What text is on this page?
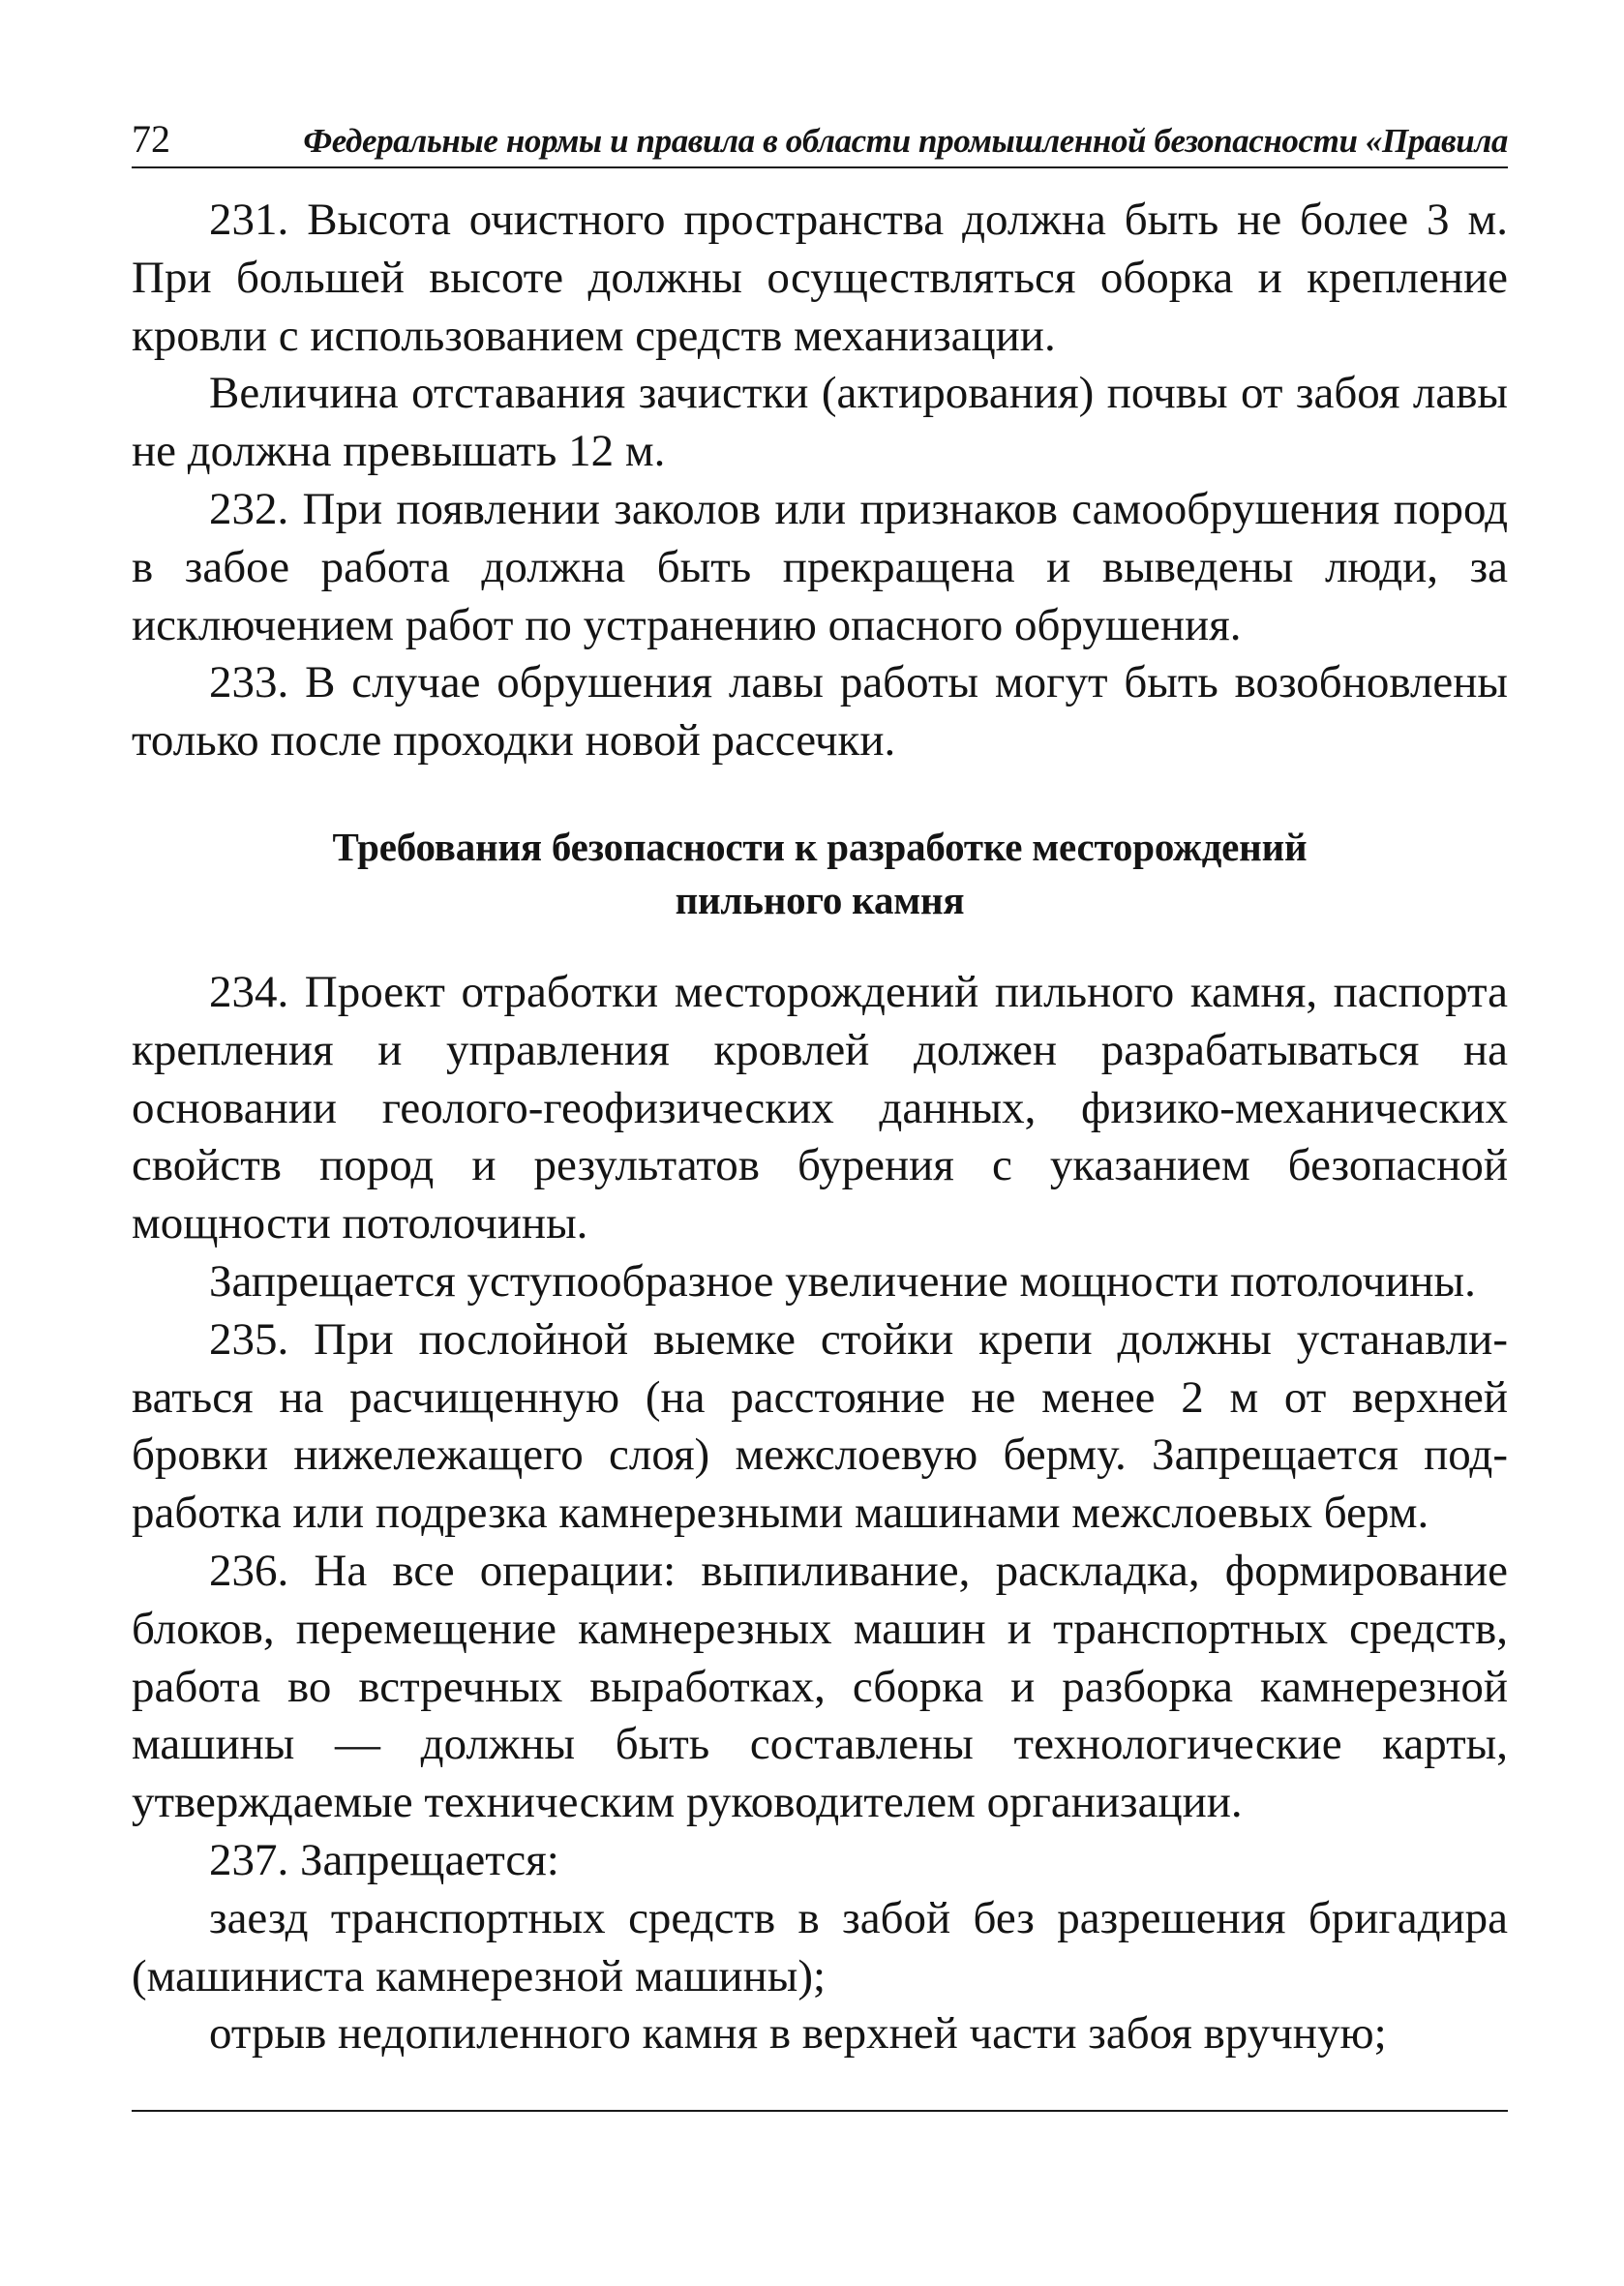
72	Федеральные нормы и правила в области промышленной безопасности «Правила

231. Высота очистного пространства должна быть не более 3 м. При большей высоте должны осуществляться оборка и крепление кровли с использованием средств механизации.

Величина отставания зачистки (актирования) почвы от забоя лавы не должна превышать 12 м.

232. При появлении заколов или признаков самообрушения пород в забое работа должна быть прекращена и выведены люди, за исключением работ по устранению опасного обрушения.

233. В случае обрушения лавы работы могут быть возобновлены только после проходки новой рассечки.

Требования безопасности к разработке месторождений
пильного камня

234. Проект отработки месторождений пильного камня, паспорта крепления и управления кровлей должен разрабатываться на основании геолого-геофизических данных, физико-механических свойств пород и результатов бурения с указанием безопасной мощности потолочины.

Запрещается уступообразное увеличение мощности потолочины.

235. При послойной выемке стойки крепи должны устанавливаться на расчищенную (на расстояние не менее 2 м от верхней бровки нижележащего слоя) межслоевую берму. Запрещается подработка или подрезка камнерезными машинами межслоевых берм.

236. На все операции: выпиливание, раскладка, формирование блоков, перемещение камнерезных машин и транспортных средств, работа во встречных выработках, сборка и разборка камнерезной машины — должны быть составлены технологические карты, утверждаемые техническим руководителем организации.

237. Запрещается:

заезд транспортных средств в забой без разрешения бригадира (машиниста камнерезной машины);

отрыв недопиленного камня в верхней части забоя вручную;
